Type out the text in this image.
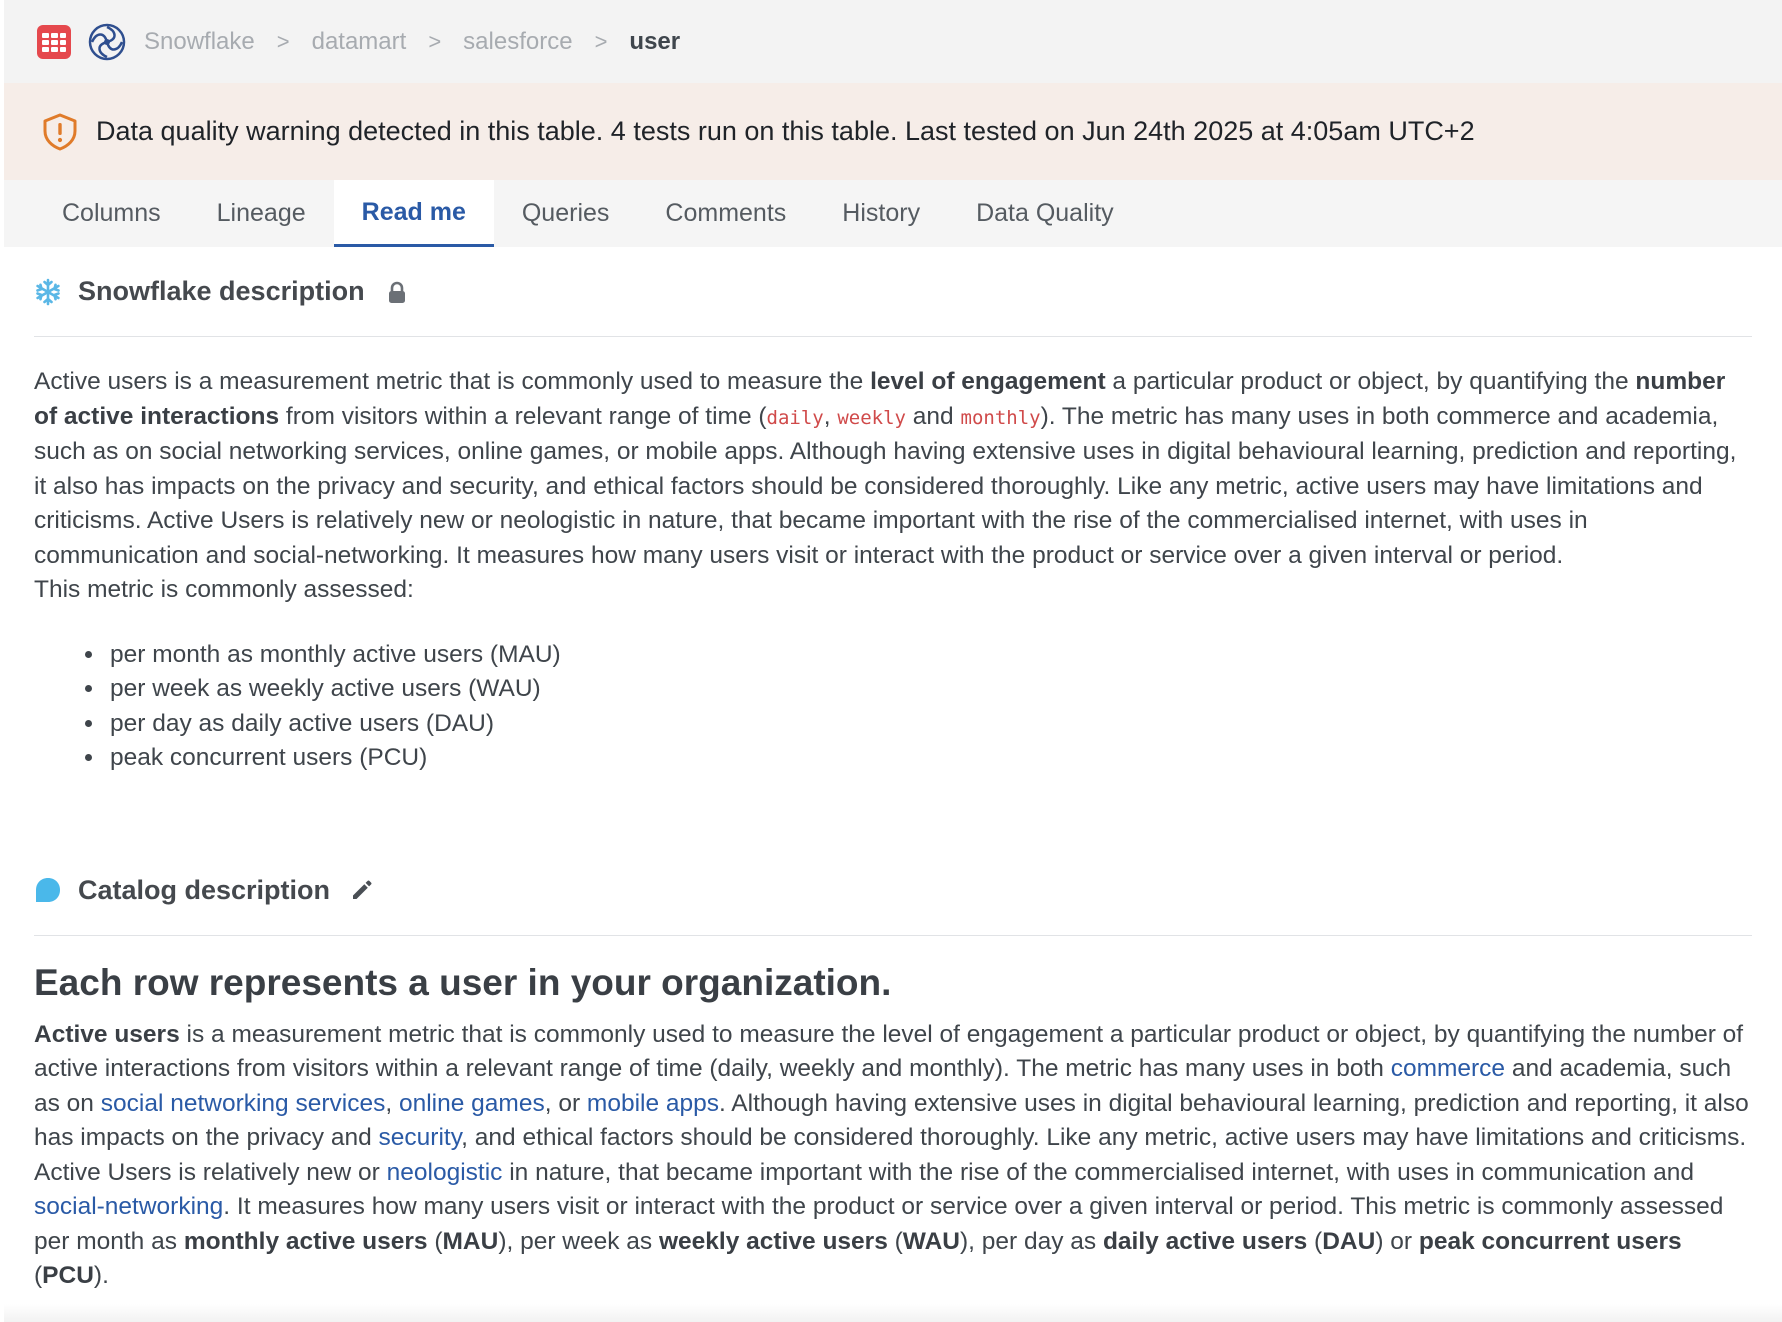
Snowflake > datamart > salesforce > user
Data quality warning detected in this table. 4 tests run on this table. Last tested on Jun 24th 2025 at 4:05am UTC+2
Columns	Lineage	Read me	Queries	Comments	History	Data Quality
Snowflake description

Active users is a measurement metric that is commonly used to measure the level of engagement a particular product or object, by quantifying the number of active interactions from visitors within a relevant range of time (daily, weekly and monthly). The metric has many uses in both commerce and academia, such as on social networking services, online games, or mobile apps. Although having extensive uses in digital behavioural learning, prediction and reporting, it also has impacts on the privacy and security, and ethical factors should be considered thoroughly. Like any metric, active users may have limitations and criticisms. Active Users is relatively new or neologistic in nature, that became important with the rise of the commercialised internet, with uses in communication and social-networking. It measures how many users visit or interact with the product or service over a given interval or period.

This metric is commonly assessed:

• per month as monthly active users (MAU)
• per week as weekly active users (WAU)
• per day as daily active users (DAU)
• peak concurrent users (PCU)
Catalog description
Each row represents a user in your organization.

Active users is a measurement metric that is commonly used to measure the level of engagement a particular product or object, by quantifying the number of active interactions from visitors within a relevant range of time (daily, weekly and monthly). The metric has many uses in both commerce and academia, such as on social networking services, online games, or mobile apps. Although having extensive uses in digital behavioural learning, prediction and reporting, it also has impacts on the privacy and security, and ethical factors should be considered thoroughly. Like any metric, active users may have limitations and criticisms. Active Users is relatively new or neologistic in nature, that became important with the rise of the commercialised internet, with uses in communication and social-networking. It measures how many users visit or interact with the product or service over a given interval or period. This metric is commonly assessed per month as monthly active users (MAU), per week as weekly active users (WAU), per day as daily active users (DAU) or peak concurrent users (PCU).
